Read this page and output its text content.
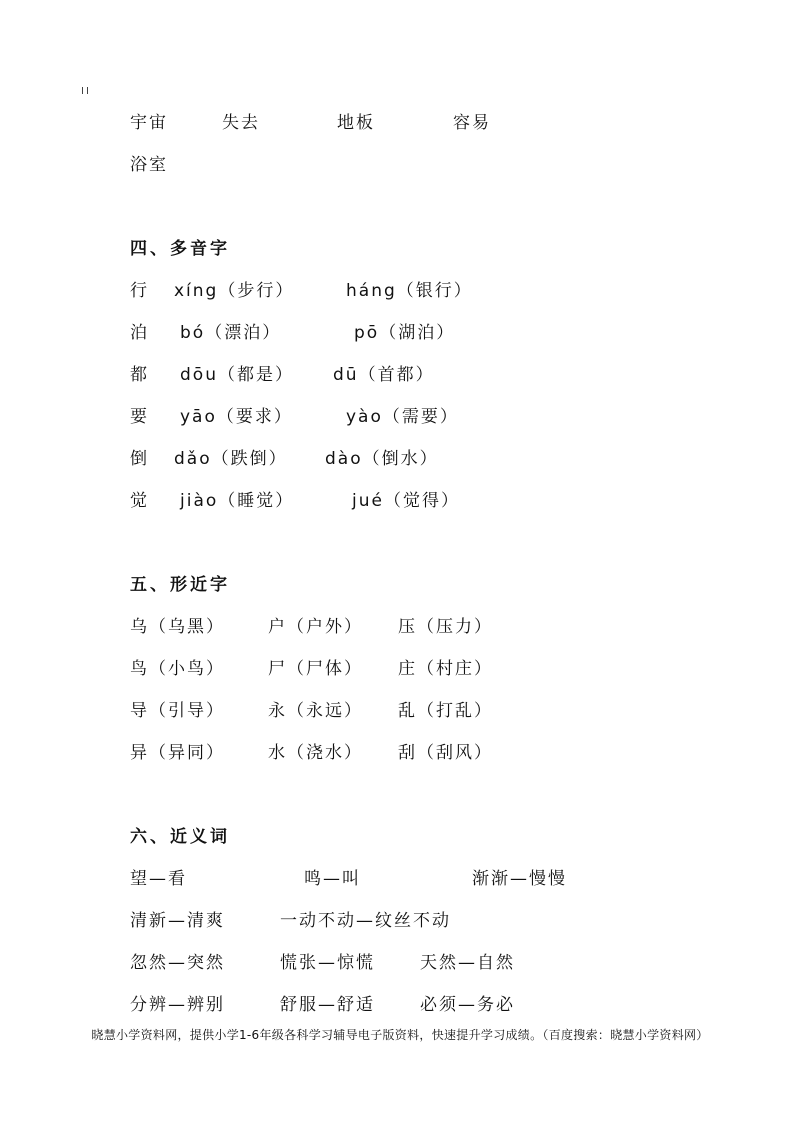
宇宙	失去	地板	容易
浴室
四、多音字
行 xíng（步行）	háng（银行）
泊 bó（漂泊）	pō（湖泊）
都 dōu（都是） dū（首都）
要 yāo（要求）	yào（需要）
倒 dǎo（跌倒） dào（倒水）
觉 jiào（睡觉）	jué（觉得）
五、形近字
乌（乌黑）	户（户外） 压（压力）
鸟（小鸟）	尸（尸体） 庄（村庄）
导（引导）	永（永远） 乱（打乱）
异（异同）	水（浇水） 刮（刮风）
六、近义词
望—看	鸣—叫	渐渐—慢慢
清新—清爽	一动不动—纹丝不动
忽然—突然	慌张—惊慌	天然—自然
分辨—辨别	舒服—舒适	必须—务必
晓慧小学资料网，提供小学1-6年级各科学习辅导电子版资料，快速提升学习成绩。（百度搜索：晓慧小学资料网）
